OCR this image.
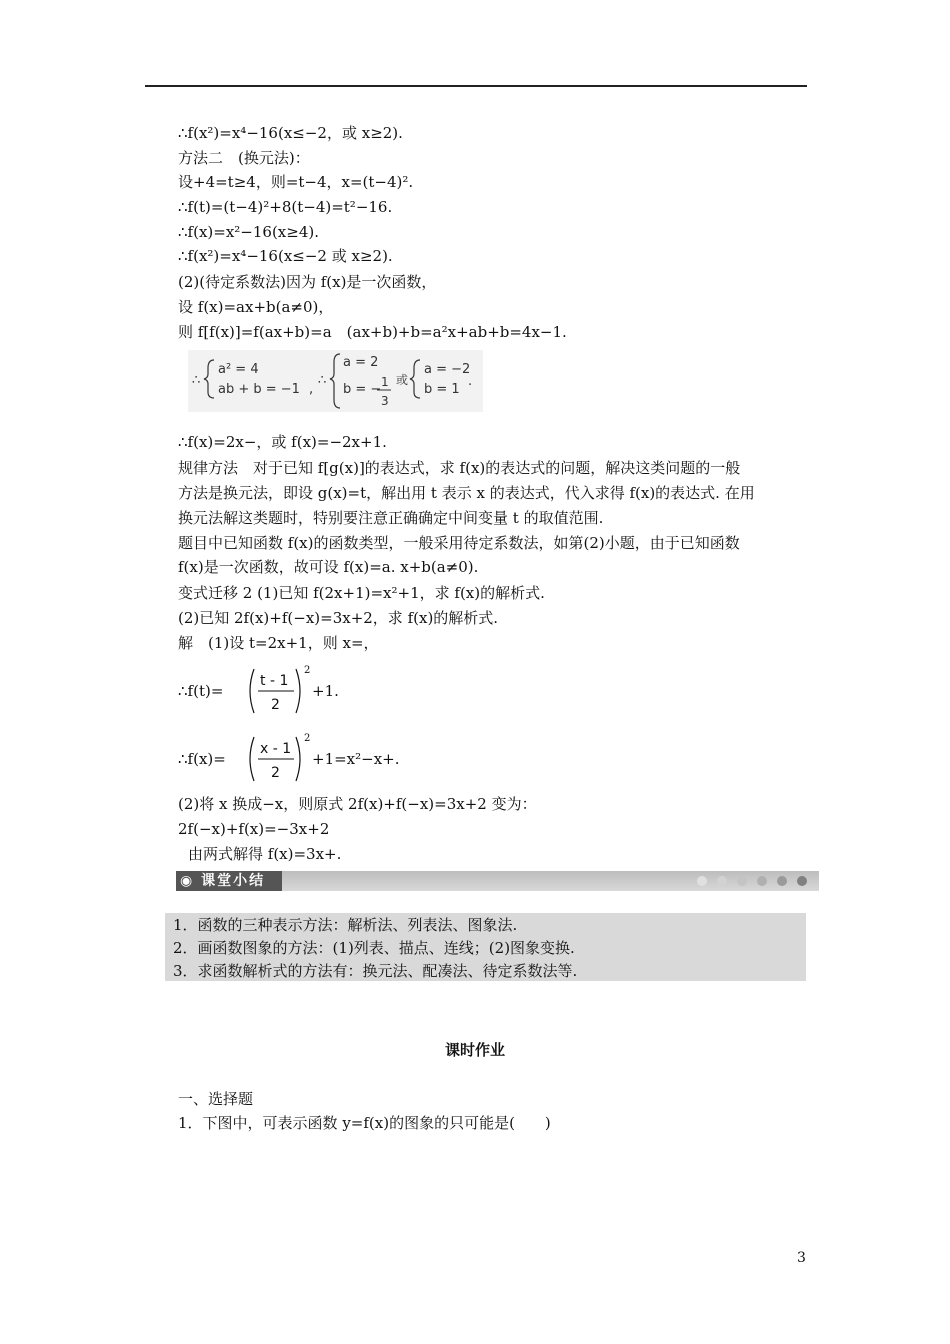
∴f(x²)=x⁴−16(x≤−2，或 x≥2).
方法二　(换元法)：
设+4=t≥4，则=t−4，x=(t−4)².
∴f(t)=(t−4)²+8(t−4)=t²−16.
∴f(x)=x²−16(x≥4).
∴f(x²)=x⁴−16(x≤−2 或 x≥2).
(2)(待定系数法)因为 f(x)是一次函数，
设 f(x)=ax+b(a≠0)，
则 f[f(x)]=f(ax+b)=a　(ax+b)+b=a²x+ab+b=4x−1.
∴
a² = 4
ab + b = −1 ,
∴
a = 2
b = − 1
3
或
a = −2
b = 1
.
∴f(x)=2x−，或 f(x)=−2x+1.
规律方法　对于已知 f[g(x)]的表达式，求 f(x)的表达式的问题，解决这类问题的一般
方法是换元法，即设 g(x)=t，解出用 t 表示 x 的表达式，代入求得 f(x)的表达式. 在用
换元法解这类题时，特别要注意正确确定中间变量 t 的取值范围.
题目中已知函数 f(x)的函数类型，一般采用待定系数法，如第(2)小题，由于已知函数
f(x)是一次函数，故可设 f(x)=a. x+b(a≠0).
变式迁移 2 (1)已知 f(2x+1)=x²+1，求 f(x)的解析式.
(2)已知 2f(x)+f(−x)=3x+2，求 f(x)的解析式.
解　(1)设 t=2x+1，则 x=，
∴f(t)=
t - 1
2
2
+1.
∴f(x)=
x - 1
2
2
+1=x²−x+.
(2)将 x 换成−x，则原式 2f(x)+f(−x)=3x+2 变为：
2f(−x)+f(x)=−3x+2
由两式解得 f(x)=3x+.
◉ 课堂小结
1．函数的三种表示方法：解析法、列表法、图象法.
2．画函数图象的方法：(1)列表、描点、连线；(2)图象变换.
3．求函数解析式的方法有：换元法、配凑法、待定系数法等.
课时作业
一、选择题
1．下图中，可表示函数 y=f(x)的图象的只可能是(　　)
3
